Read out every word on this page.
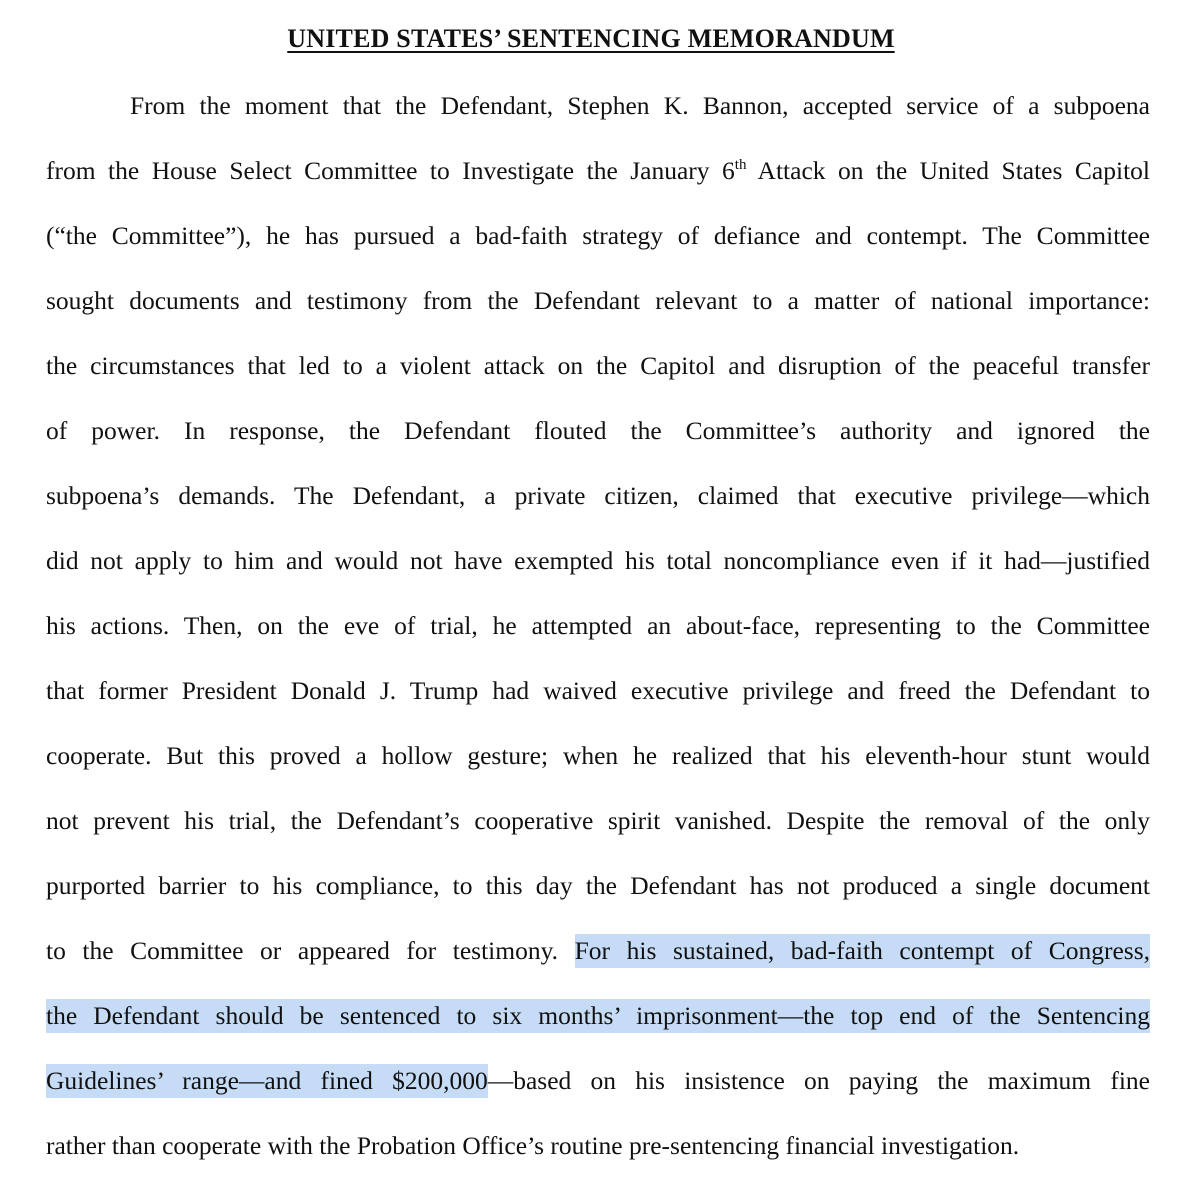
UNITED STATES’ SENTENCING MEMORANDUM
From the moment that the Defendant, Stephen K. Bannon, accepted service of a subpoena
from the House Select Committee to Investigate the January 6th Attack on the United States Capitol
(“the Committee”), he has pursued a bad-faith strategy of defiance and contempt. The Committee
sought documents and testimony from the Defendant relevant to a matter of national importance:
the circumstances that led to a violent attack on the Capitol and disruption of the peaceful transfer
of power. In response, the Defendant flouted the Committee’s authority and ignored the
subpoena’s demands. The Defendant, a private citizen, claimed that executive privilege—which
did not apply to him and would not have exempted his total noncompliance even if it had—justified
his actions. Then, on the eve of trial, he attempted an about-face, representing to the Committee
that former President Donald J. Trump had waived executive privilege and freed the Defendant to
cooperate. But this proved a hollow gesture; when he realized that his eleventh-hour stunt would
not prevent his trial, the Defendant’s cooperative spirit vanished. Despite the removal of the only
purported barrier to his compliance, to this day the Defendant has not produced a single document
to the Committee or appeared for testimony. For his sustained, bad-faith contempt of Congress,
the Defendant should be sentenced to six months’ imprisonment—the top end of the Sentencing
Guidelines’ range—and fined $200,000—based on his insistence on paying the maximum fine
rather than cooperate with the Probation Office’s routine pre-sentencing financial investigation.
